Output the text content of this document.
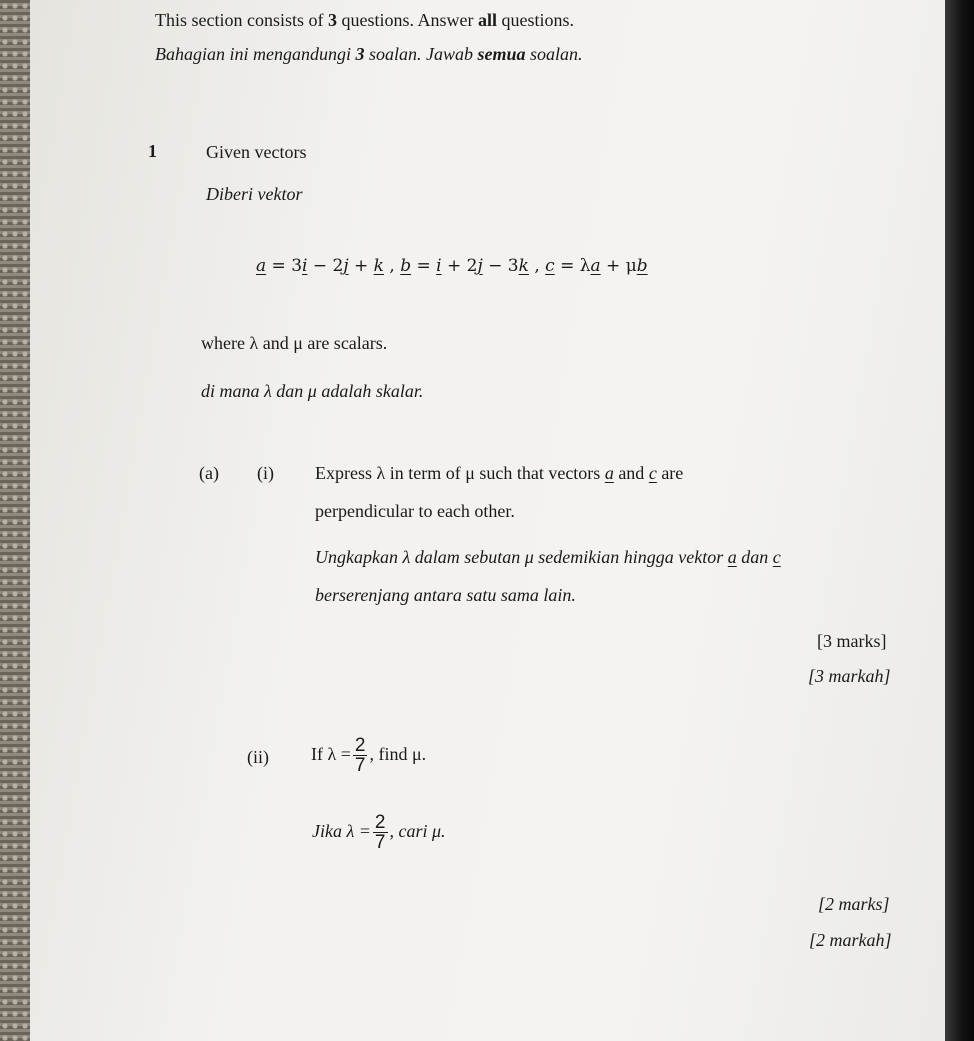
This section consists of 3 questions. Answer all questions.
Bahagian ini mengandungi 3 soalan. Jawab semua soalan.
1	Given vectors
Diberi vektor
a = 3i − 2j + k , b = i + 2j − 3k , c = λa + μb
where λ and μ are scalars.
di mana λ dan μ adalah skalar.
(a) (i) Express λ in term of μ such that vectors a and c are
perpendicular to each other.
Ungkapkan λ dalam sebutan μ sedemikian hingga vektor a dan c
berserenjang antara satu sama lain.
[3 marks]
[3 markah]
(ii) If $\lambda = \frac{2}{7}$ , find μ.
Jika $\lambda = \frac{2}{7}$ , cari μ.
[2 marks]
[2 markah]
